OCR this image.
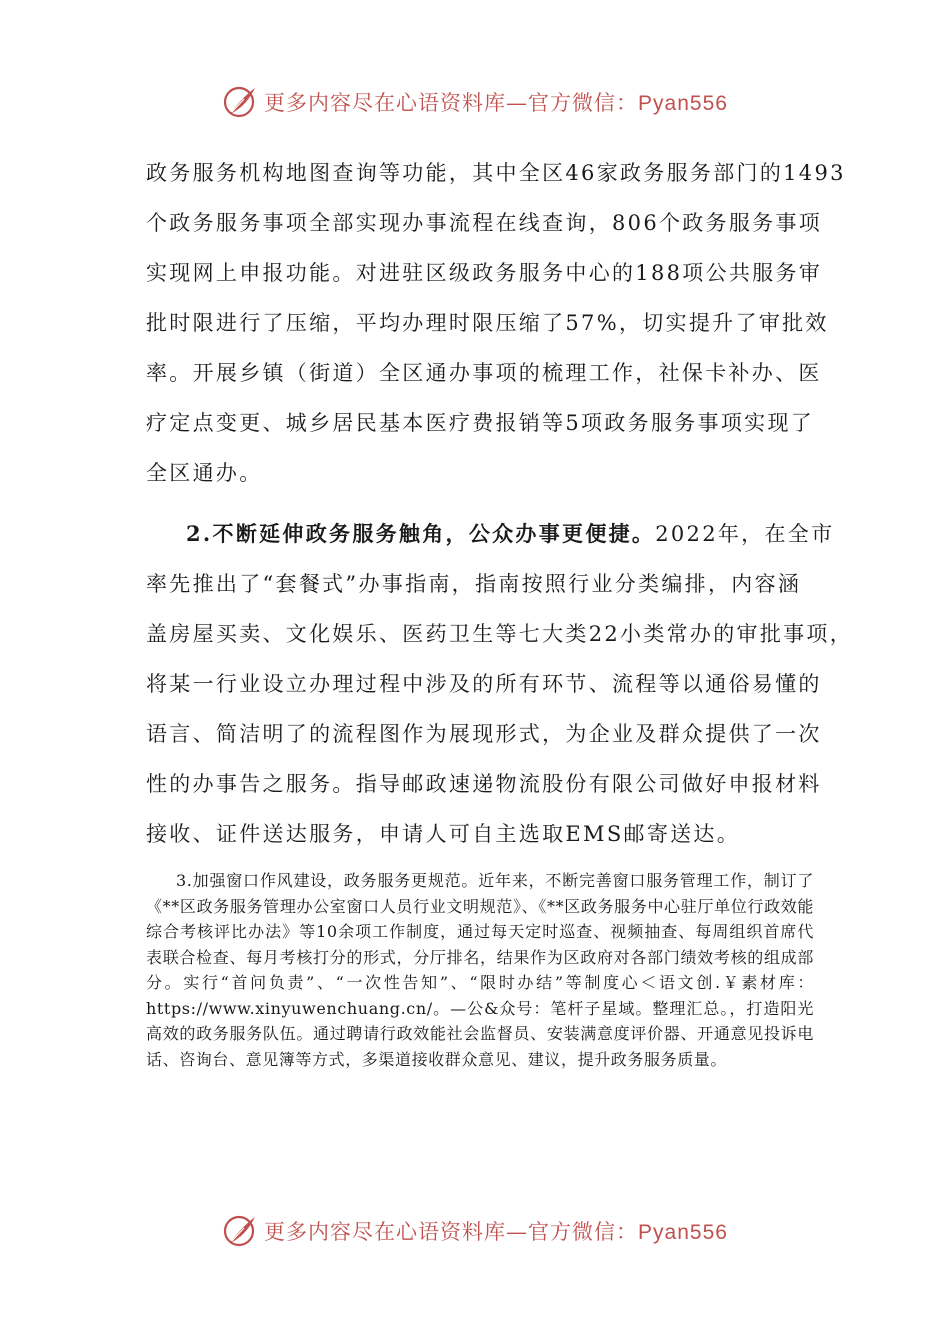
更多内容尽在心语资料库—官方微信：Pyan556
政务服务机构地图查询等功能，其中全区46家政务服务部门的1493
个政务服务事项全部实现办事流程在线查询，806个政务服务事项
实现网上申报功能。对进驻区级政务服务中心的188项公共服务审
批时限进行了压缩，平均办理时限压缩了57%，切实提升了审批效
率。开展乡镇（街道）全区通办事项的梳理工作，社保卡补办、医
疗定点变更、城乡居民基本医疗费报销等5项政务服务事项实现了
全区通办。
2.不断延伸政务服务触角，公众办事更便捷。2022年，在全市
率先推出了“套餐式”办事指南，指南按照行业分类编排，内容涵
盖房屋买卖、文化娱乐、医药卫生等七大类22小类常办的审批事项，
将某一行业设立办理过程中涉及的所有环节、流程等以通俗易懂的
语言、简洁明了的流程图作为展现形式，为企业及群众提供了一次
性的办事告之服务。指导邮政速递物流股份有限公司做好申报材料
接收、证件送达服务，申请人可自主选取EMS邮寄送达。

3.加强窗口作风建设，政务服务更规范。近年来，不断完善窗口服务管理工作，制订了《**区政务服务管理办公室窗口人员行业文明规范》、《**区政务服务中心驻厅单位行政效能综合考核评比办法》等10余项工作制度，通过每天定时巡查、视频抽查、每周组织首席代表联合检查、每月考核打分的形式，分厅排名，结果作为区政府对各部门绩效考核的组成部分。实行“首问负责”、“一次性告知”、“限时办结”等制度心＜语文创.￥素材库：https://www.xinyuwenchuang.cn/。—公&众号：笔杆子星域。整理汇总。，打造阳光高效的政务服务队伍。通过聘请行政效能社会监督员、安装满意度评价器、开通意见投诉电话、咨询台、意见簿等方式，多渠道接收群众意见、建议，提升政务服务质量。

更多内容尽在心语资料库—官方微信：Pyan556
